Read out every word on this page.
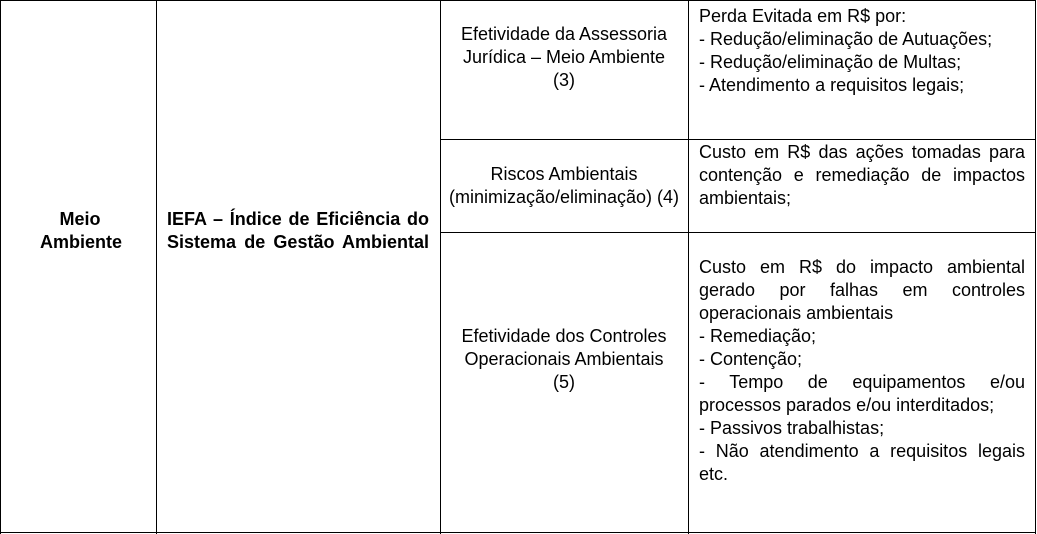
Meio Ambiente
IEFA – Índice de Eficiência do Sistema de Gestão Ambiental
Efetividade da Assessoria Jurídica – Meio Ambiente (3)
Riscos Ambientais (minimização/eliminação) (4)
Efetividade dos Controles Operacionais Ambientais (5)

Perda Evitada em R$ por:

- Redução/eliminação de Autuações;

- Redução/eliminação de Multas;

- Atendimento a requisitos legais;

Custo em R$ das ações tomadas para contenção e remediação de impactos ambientais;

Custo em R$ do impacto ambiental gerado por falhas em controles operacionais ambientais

- Remediação;

- Contenção;

- Tempo de equipamentos e/ou processos parados e/ou interditados;

- Passivos trabalhistas;

- Não atendimento a requisitos legais etc.
